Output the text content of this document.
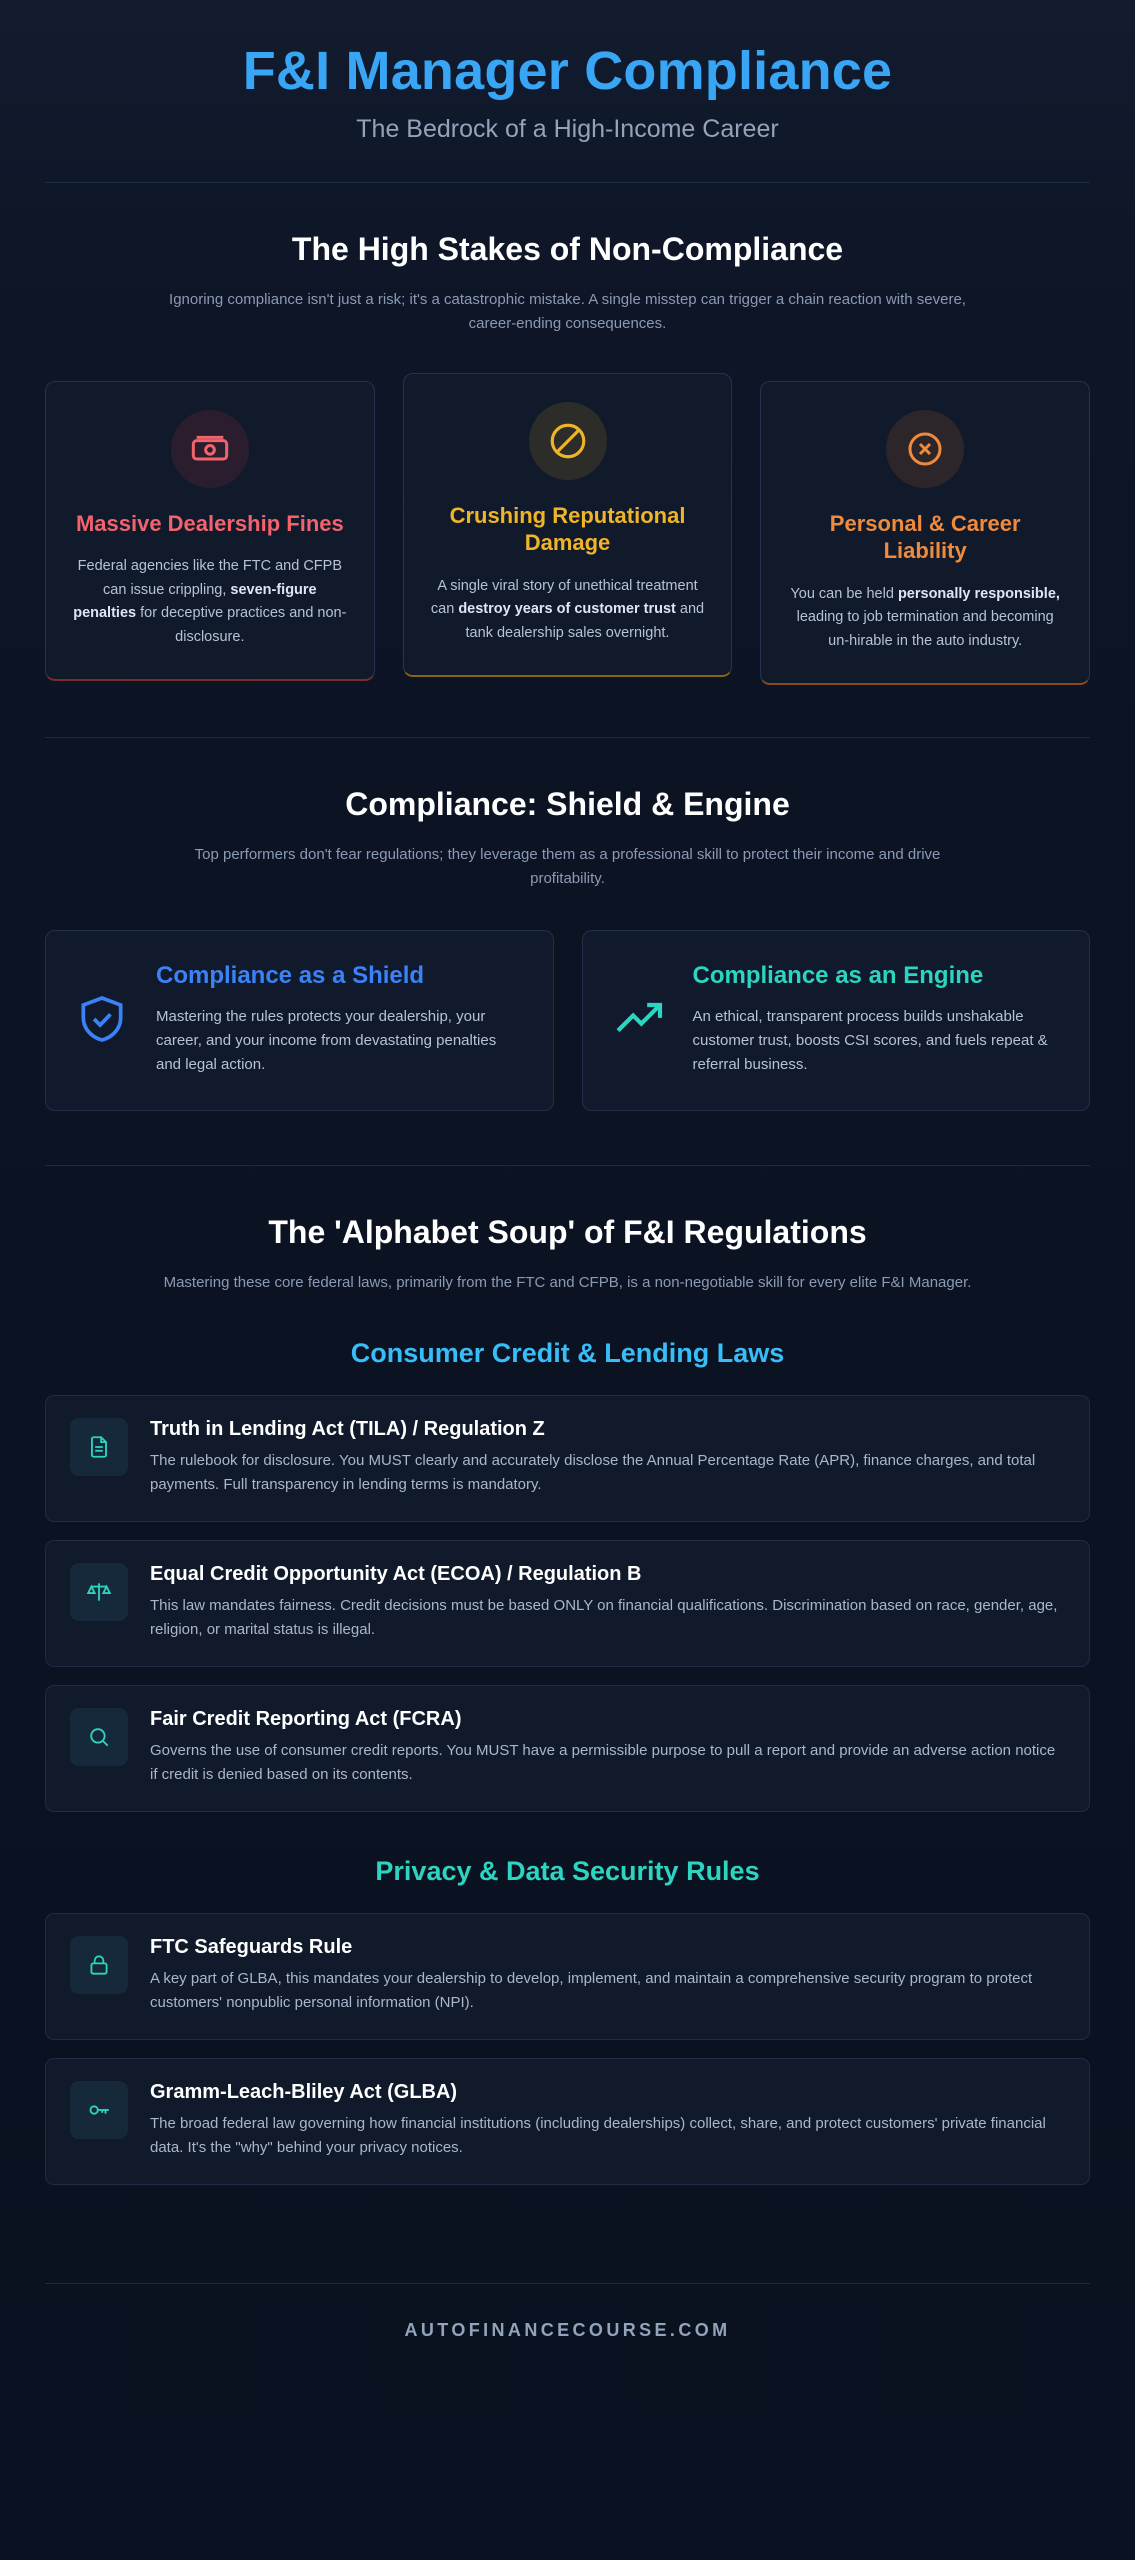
F&I Manager Compliance
The Bedrock of a High-Income Career
The High Stakes of Non-Compliance
Ignoring compliance isn't just a risk; it's a catastrophic mistake. A single misstep can trigger a chain reaction with severe, career-ending consequences.
Massive Dealership Fines
Federal agencies like the FTC and CFPB can issue crippling, seven-figure penalties for deceptive practices and non-disclosure.
Crushing Reputational Damage
A single viral story of unethical treatment can destroy years of customer trust and tank dealership sales overnight.
Personal & Career Liability
You can be held personally responsible, leading to job termination and becoming un-hirable in the auto industry.
Compliance: Shield & Engine
Top performers don't fear regulations; they leverage them as a professional skill to protect their income and drive profitability.
Compliance as a Shield
Mastering the rules protects your dealership, your career, and your income from devastating penalties and legal action.
Compliance as an Engine
An ethical, transparent process builds unshakable customer trust, boosts CSI scores, and fuels repeat & referral business.
The 'Alphabet Soup' of F&I Regulations
Mastering these core federal laws, primarily from the FTC and CFPB, is a non-negotiable skill for every elite F&I Manager.
Consumer Credit & Lending Laws
Truth in Lending Act (TILA) / Regulation Z
The rulebook for disclosure. You MUST clearly and accurately disclose the Annual Percentage Rate (APR), finance charges, and total payments. Full transparency in lending terms is mandatory.
Equal Credit Opportunity Act (ECOA) / Regulation B
This law mandates fairness. Credit decisions must be based ONLY on financial qualifications. Discrimination based on race, gender, age, religion, or marital status is illegal.
Fair Credit Reporting Act (FCRA)
Governs the use of consumer credit reports. You MUST have a permissible purpose to pull a report and provide an adverse action notice if credit is denied based on its contents.
Privacy & Data Security Rules
FTC Safeguards Rule
A key part of GLBA, this mandates your dealership to develop, implement, and maintain a comprehensive security program to protect customers' nonpublic personal information (NPI).
Gramm-Leach-Bliley Act (GLBA)
The broad federal law governing how financial institutions (including dealerships) collect, share, and protect customers' private financial data. It's the "why" behind your privacy notices.
AUTOFINANCECOURSE.COM
